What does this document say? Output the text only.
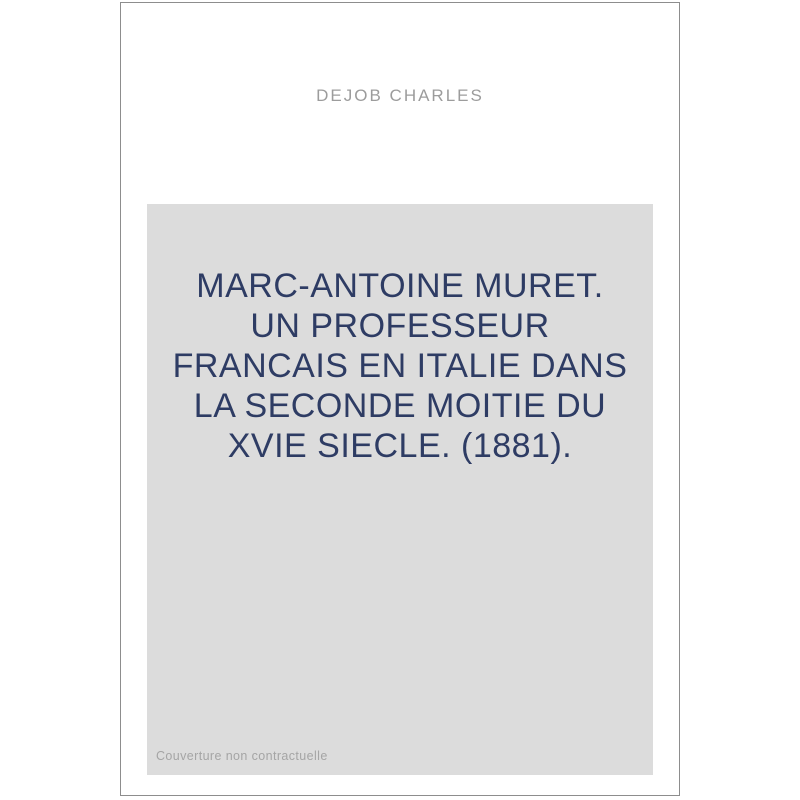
DEJOB CHARLES
MARC-ANTOINE MURET.
UN PROFESSEUR
FRANCAIS EN ITALIE DANS
LA SECONDE MOITIE DU
XVIE SIECLE. (1881).
Couverture non contractuelle
